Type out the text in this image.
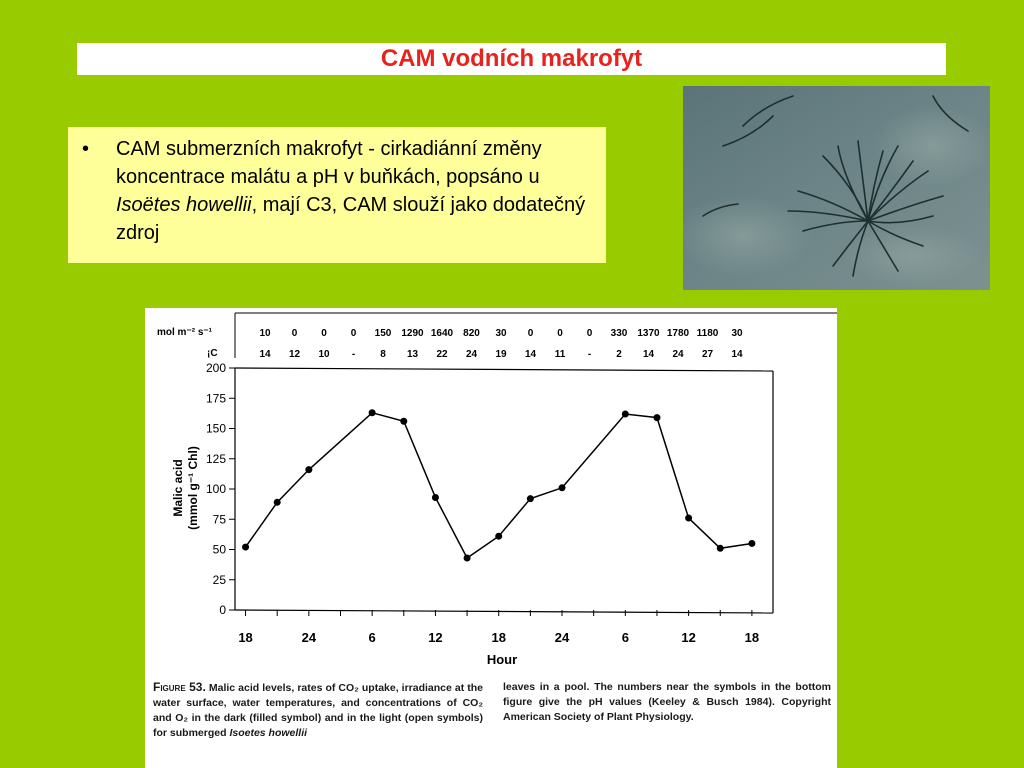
CAM vodních makrofyt
•	CAM submerzních makrofyt - cirkadiánní změny koncentrace malátu a pH v buňkách, popsáno u Isoëtes howellii, mají C3, CAM slouží jako dodatečný zdroj
mol m⁻² s⁻¹
¡C
10 0 0 0 150 1290 1640 820 30 0 0 0 330 1370 1780 1180 30
14 12 10 -	8 13 22 24 19 14 11 -	2 14 24 27 14
0
25
50
75
100
125
150
175
200
18	24	6	12	18	24	6	12	18
Malic acid (mmol g⁻¹ Chl)
Hour
Figure 53. Malic acid levels, rates of CO₂ uptake, irradiance at the water surface, water temperatures, and concentrations of CO₂ and O₂ in the dark (filled symbol) and in the light (open symbols) for submerged Isoetes howellii
leaves in a pool. The numbers near the symbols in the bottom figure give the pH values (Keeley & Busch 1984). Copyright American Society of Plant Physiology.
